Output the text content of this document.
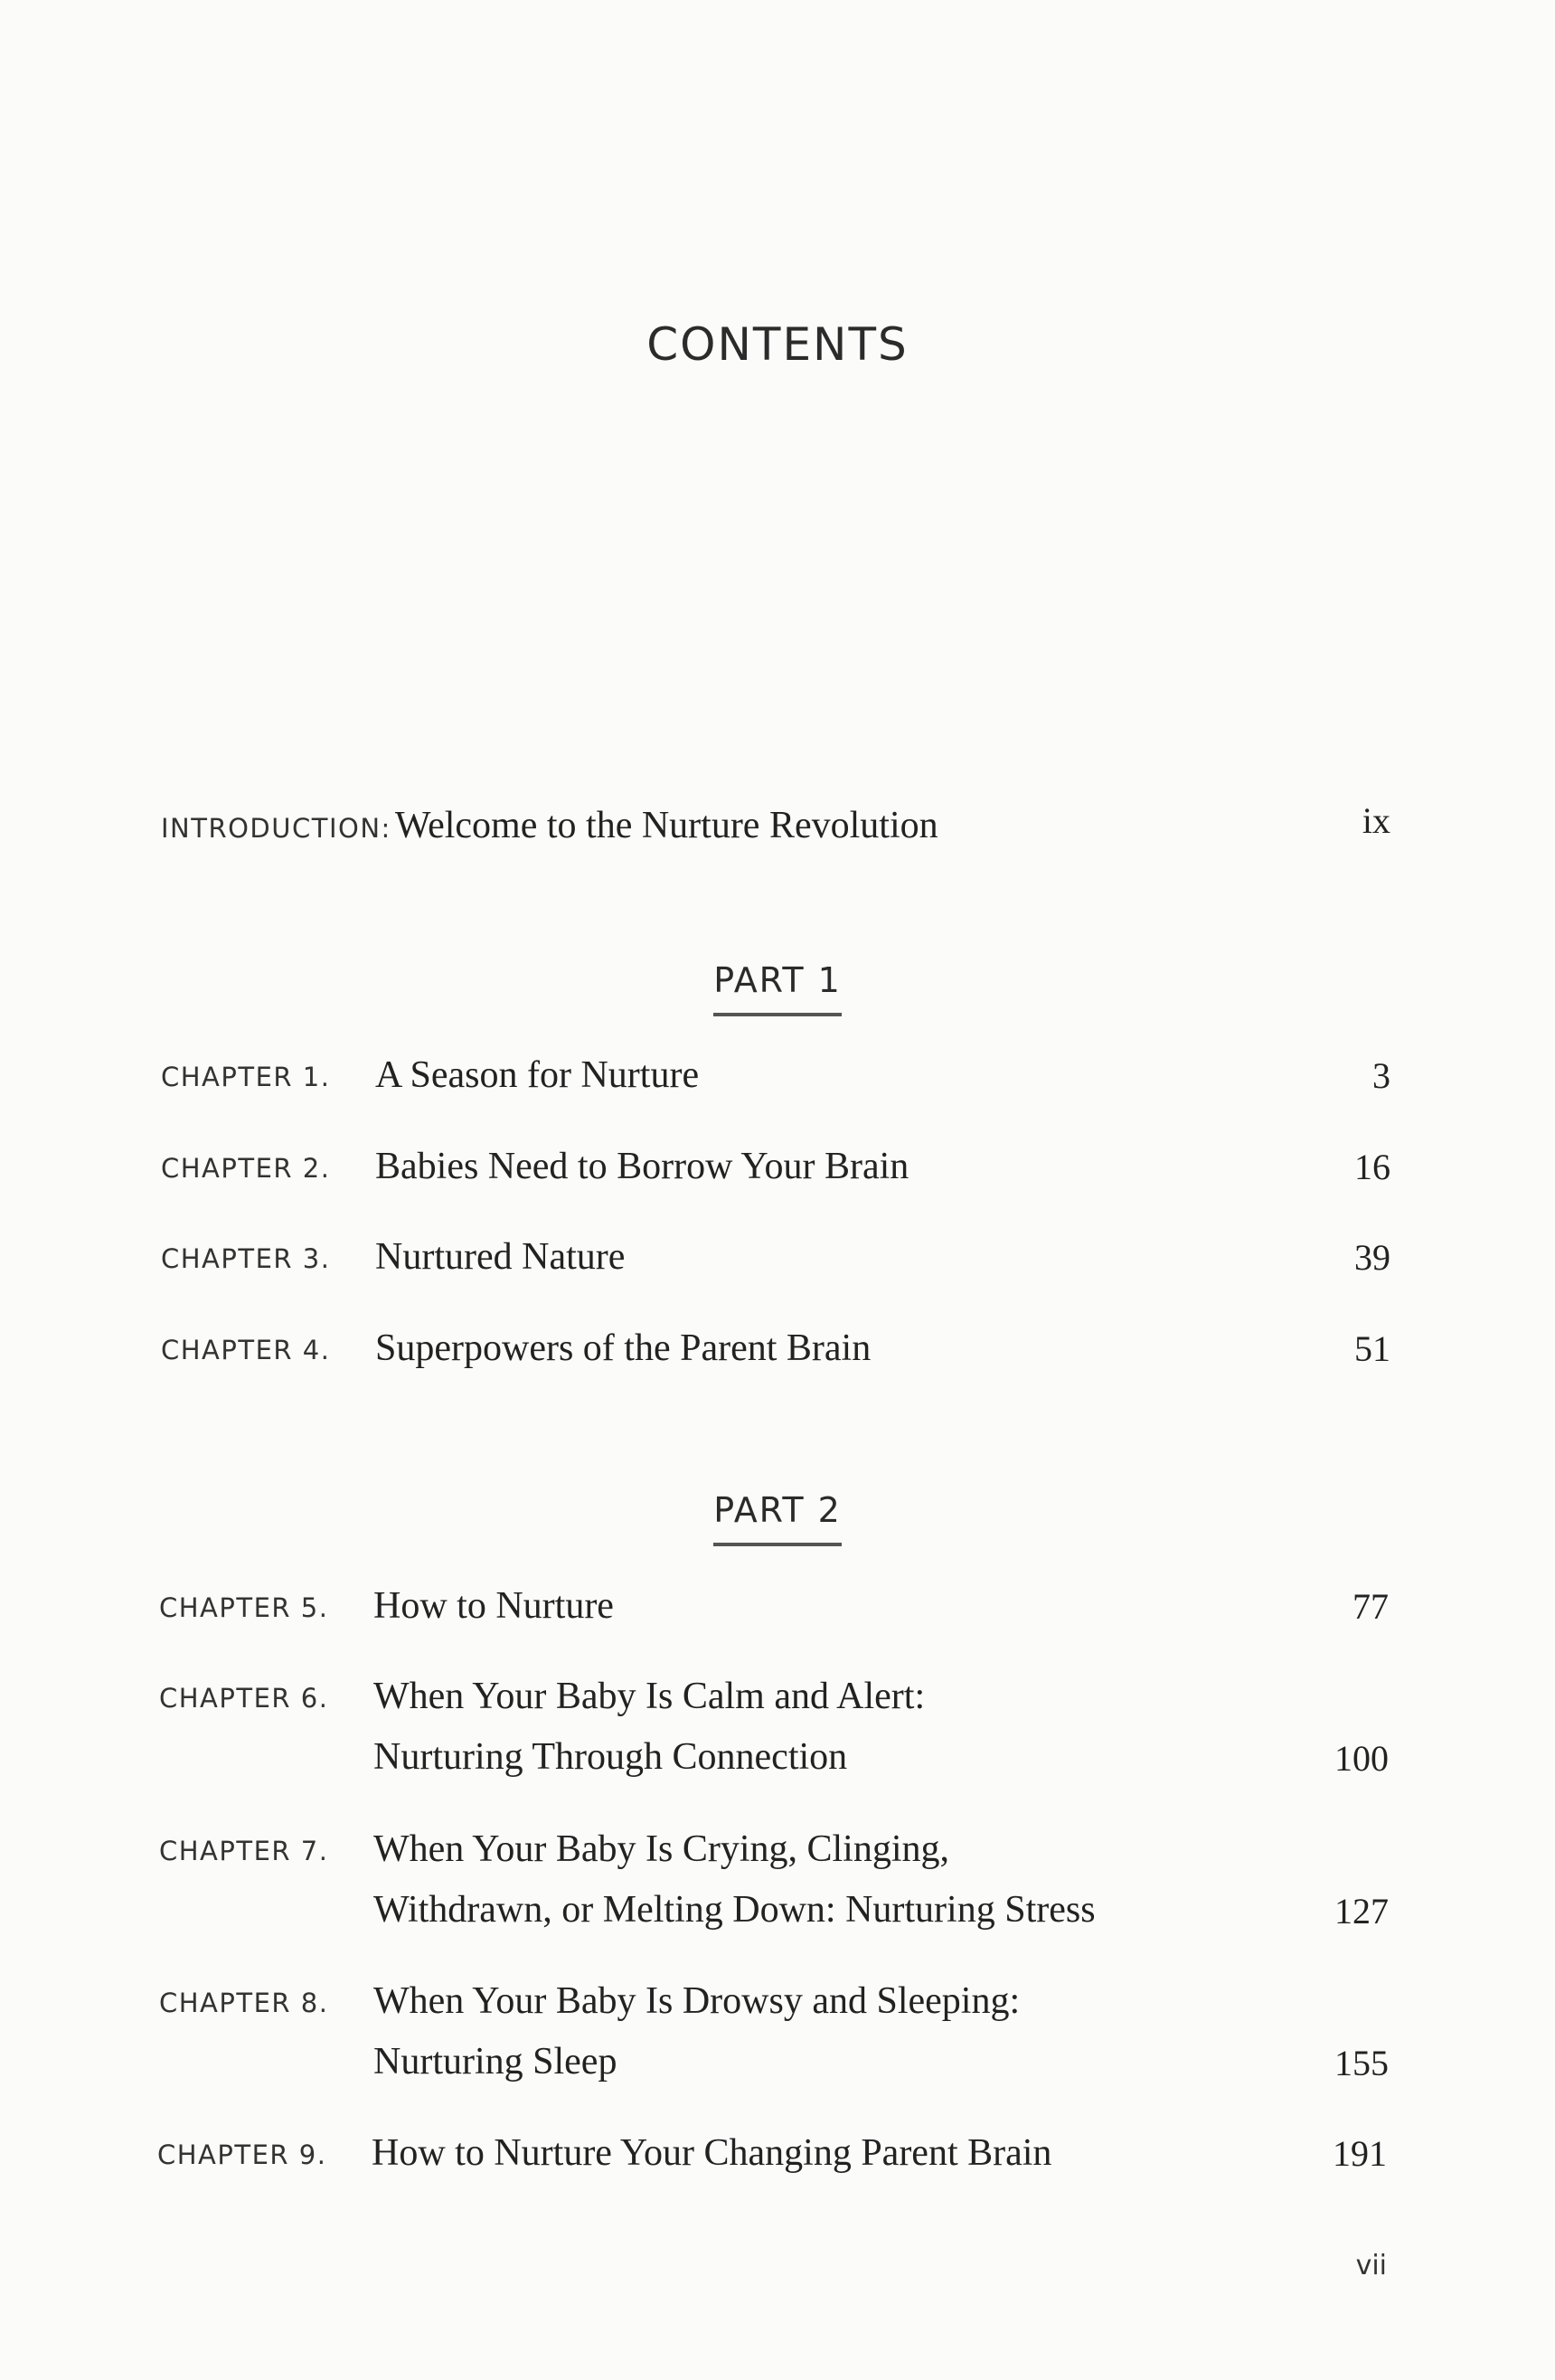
CONTENTS
INTRODUCTION: Welcome to the Nurture Revolution	ix
PART 1
CHAPTER 1. A Season for Nurture	3
CHAPTER 2. Babies Need to Borrow Your Brain	16
CHAPTER 3. Nurtured Nature	39
CHAPTER 4. Superpowers of the Parent Brain	51
PART 2
CHAPTER 5. How to Nurture	77
CHAPTER 6. When Your Baby Is Calm and Alert:
Nurturing Through Connection	100
CHAPTER 7. When Your Baby Is Crying, Clinging,
Withdrawn, or Melting Down: Nurturing Stress	127
CHAPTER 8. When Your Baby Is Drowsy and Sleeping:
Nurturing Sleep	155
CHAPTER 9. How to Nurture Your Changing Parent Brain	191
vii
